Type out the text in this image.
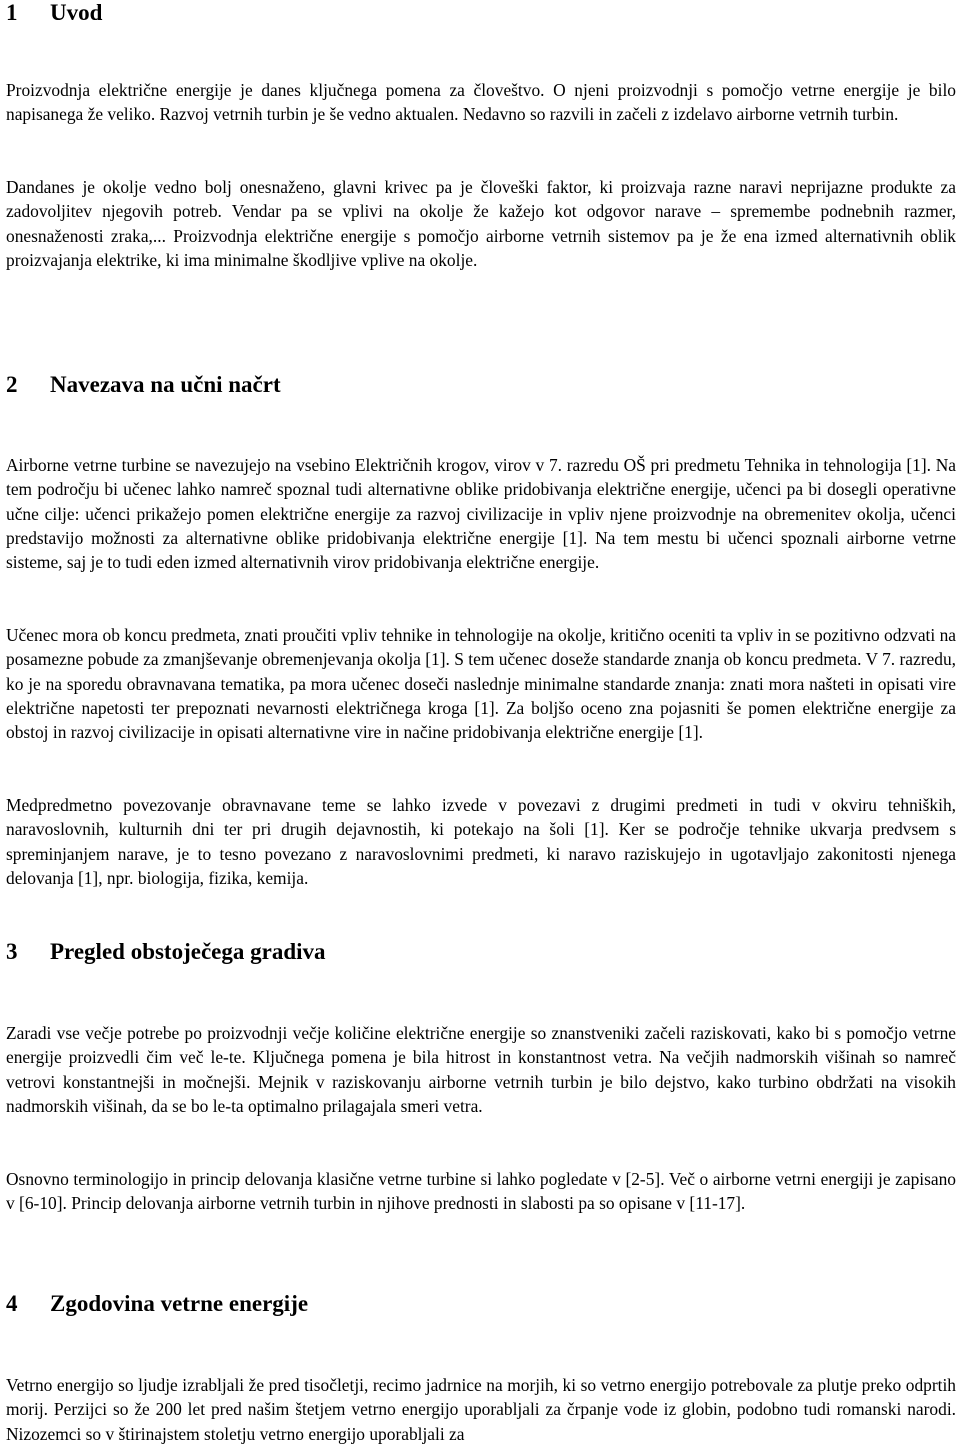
1 Uvod

Proizvodnja električne energije je danes ključnega pomena za človeštvo. O njeni proizvodnji s pomočjo vetrne energije je bilo napisanega že veliko. Razvoj vetrnih turbin je še vedno aktualen. Nedavno so razvili in začeli z izdelavo airborne vetrnih turbin.

Dandanes je okolje vedno bolj onesnaženo, glavni krivec pa je človeški faktor, ki proizvaja razne naravi neprijazne produkte za zadovoljitev njegovih potreb. Vendar pa se vplivi na okolje že kažejo kot odgovor narave – spremembe podnebnih razmer, onesnaženosti zraka,... Proizvodnja električne energije s pomočjo airborne vetrnih sistemov pa je že ena izmed alternativnih oblik proizvajanja elektrike, ki ima minimalne škodljive vplive na okolje.

2 Navezava na učni načrt

Airborne vetrne turbine se navezujejo na vsebino Električnih krogov, virov v 7. razredu OŠ pri predmetu Tehnika in tehnologija [1]. Na tem področju bi učenec lahko namreč spoznal tudi alternativne oblike pridobivanja električne energije, učenci pa bi dosegli operativne učne cilje: učenci prikažejo pomen električne energije za razvoj civilizacije in vpliv njene proizvodnje na obremenitev okolja, učenci predstavijo možnosti za alternativne oblike pridobivanja električne energije [1]. Na tem mestu bi učenci spoznali airborne vetrne sisteme, saj je to tudi eden izmed alternativnih virov pridobivanja električne energije.

Učenec mora ob koncu predmeta, znati proučiti vpliv tehnike in tehnologije na okolje, kritično oceniti ta vpliv in se pozitivno odzvati na posamezne pobude za zmanjševanje obremenjevanja okolja [1]. S tem učenec doseže standarde znanja ob koncu predmeta. V 7. razredu, ko je na sporedu obravnavana tematika, pa mora učenec doseči naslednje minimalne standarde znanja: znati mora našteti in opisati vire električne napetosti ter prepoznati nevarnosti električnega kroga [1]. Za boljšo oceno zna pojasniti še pomen električne energije za obstoj in razvoj civilizacije in opisati alternativne vire in načine pridobivanja električne energije [1].

Medpredmetno povezovanje obravnavane teme se lahko izvede v povezavi z drugimi predmeti in tudi v okviru tehniških, naravoslovnih, kulturnih dni ter pri drugih dejavnostih, ki potekajo na šoli [1]. Ker se področje tehnike ukvarja predvsem s spreminjanjem narave, je to tesno povezano z naravoslovnimi predmeti, ki naravo raziskujejo in ugotavljajo zakonitosti njenega delovanja [1], npr. biologija, fizika, kemija.

3 Pregled obstoječega gradiva

Zaradi vse večje potrebe po proizvodnji večje količine električne energije so znanstveniki začeli raziskovati, kako bi s pomočjo vetrne energije proizvedli čim več le-te. Ključnega pomena je bila hitrost in konstantnost vetra. Na večjih nadmorskih višinah so namreč vetrovi konstantnejši in močnejši. Mejnik v raziskovanju airborne vetrnih turbin je bilo dejstvo, kako turbino obdržati na visokih nadmorskih višinah, da se bo le-ta optimalno prilagajala smeri vetra.

Osnovno terminologijo in princip delovanja klasične vetrne turbine si lahko pogledate v [2-5]. Več o airborne vetrni energiji je zapisano v [6-10]. Princip delovanja airborne vetrnih turbin in njihove prednosti in slabosti pa so opisane v [11-17].

4 Zgodovina vetrne energije

Vetrno energijo so ljudje izrabljali že pred tisočletji, recimo jadrnice na morjih, ki so vetrno energijo potrebovale za plutje preko odprtih morij. Perzijci so že 200 let pred našim štetjem vetrno energijo uporabljali za črpanje vode iz globin, podobno tudi romanski narodi. Nizozemci so v štirinajstem stoletju vetrno energijo uporabljali za
